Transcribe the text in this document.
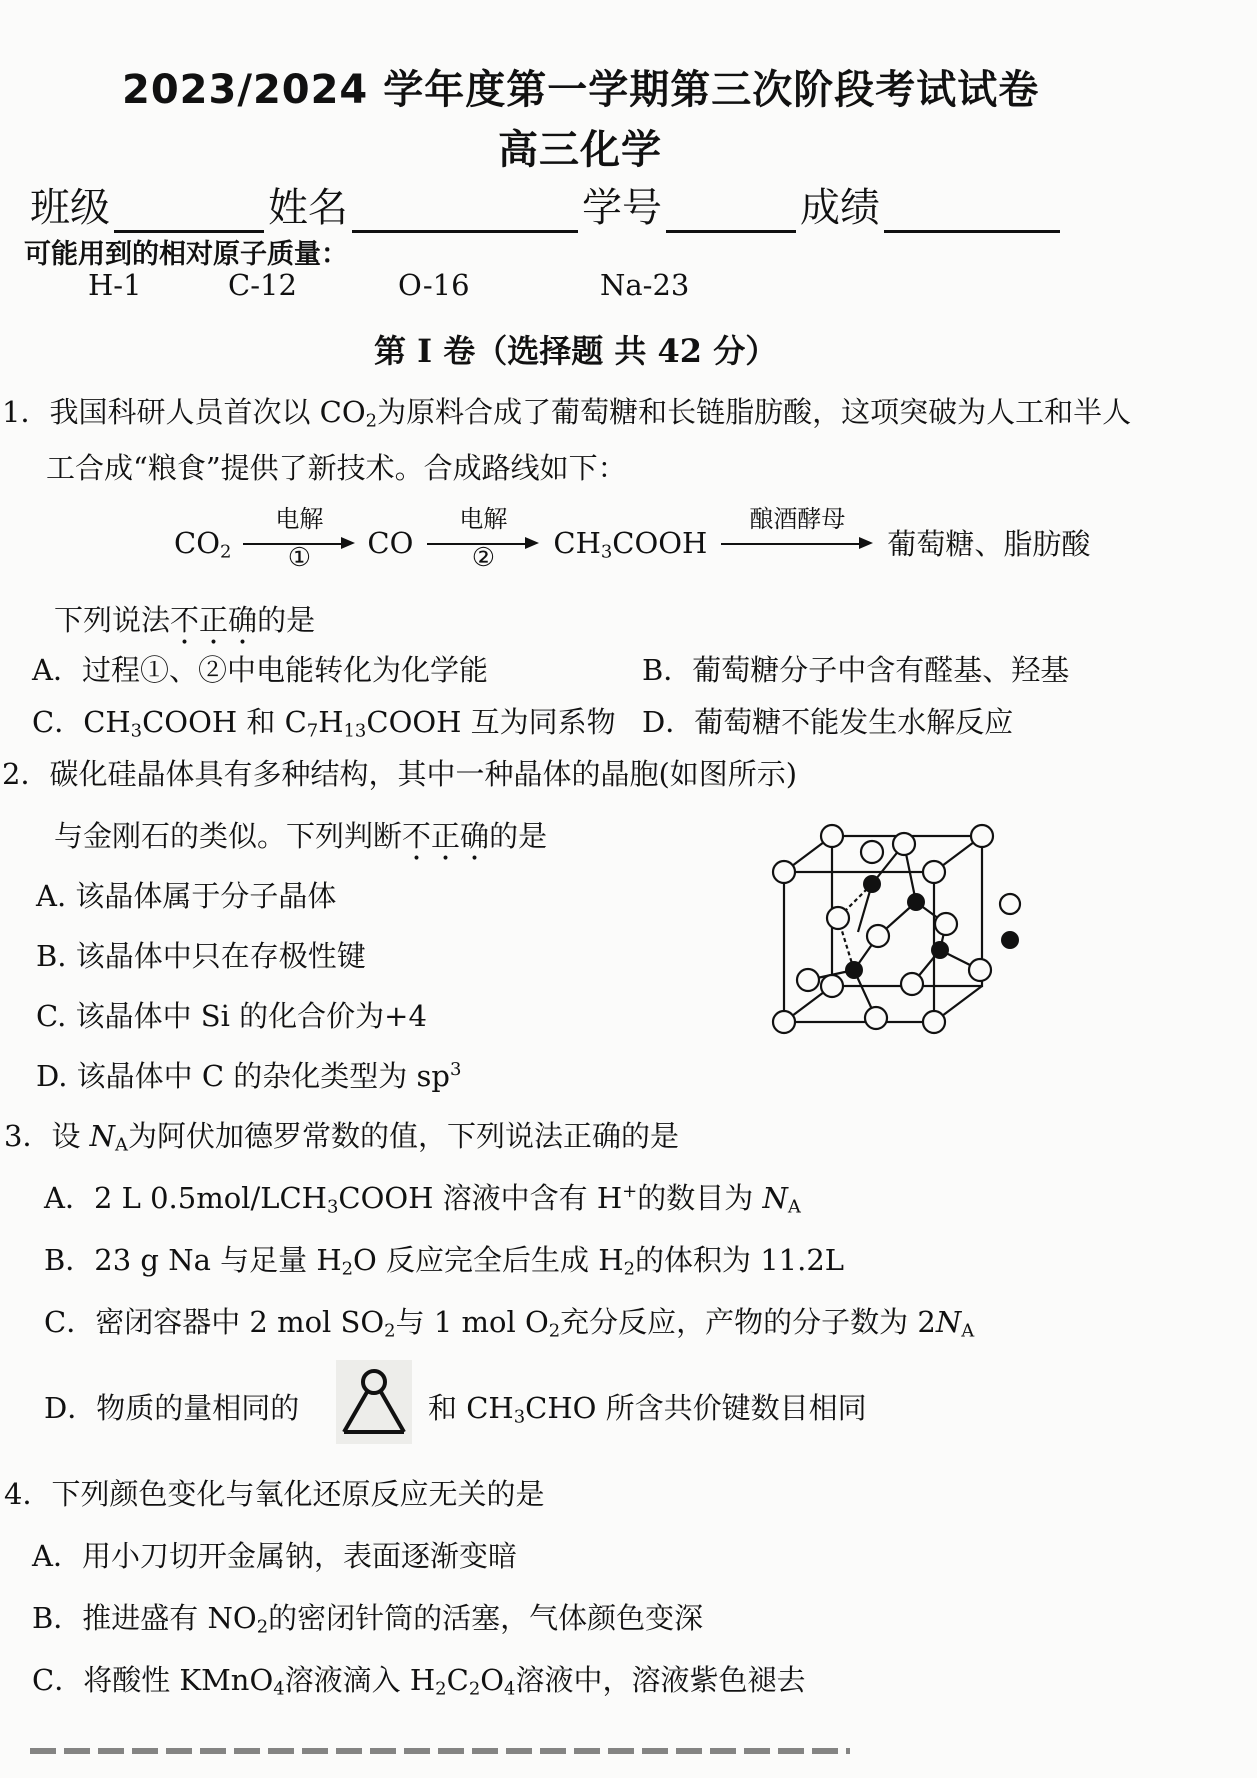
2023/2024 学年度第一学期第三次阶段考试试卷
高三化学
班级	姓名	学号	成绩
可能用到的相对原子质量：
H-1	C-12	O-16	Na-23
第 I 卷（选择题 共 42 分）
1．我国科研人员首次以 $CO_2$为原料合成了葡萄糖和长链脂肪酸，这项突破为人工和半人
工合成“粮食”提供了新技术。合成路线如下：
$CO_2$
电解
①	CO
电解
②	$CH_3COOH$
酿酒酵母
葡萄糖、脂肪酸
下列说法不正确的是
A．过程①、②中电能转化为化学能	B．葡萄糖分子中含有醛基、羟基
C．$CH_3COOH$ 和 $C_7H_{13}COOH$ 互为同系物 D．葡萄糖不能发生水解反应
2．碳化硅晶体具有多种结构，其中一种晶体的晶胞(如图所示)
与金刚石的类似。下列判断不正确的是
A. 该晶体属于分子晶体
B. 该晶体中只在存极性键
C. 该晶体中 Si 的化合价为+4
D. 该晶体中 C 的杂化类型为 $sp^3$
3．设 $N_A$为阿伏加德罗常数的值，下列说法正确的是
A．2 L $0.5mol/LCH_3COOH$ 溶液中含有 H+的数目为 $N_A$
B．23 g Na 与足量 $H_2O$ 反应完全后生成 $H_2$的体积为 11.2L
C．密闭容器中 2 mol $SO_2$与 1 mol $O_2$充分反应，产物的分子数为 $2N_A$
D．物质的量相同的	和 $CH_3CHO$ 所含共价键数目相同
4．下列颜色变化与氧化还原反应无关的是
A．用小刀切开金属钠，表面逐渐变暗
B．推进盛有 $NO_2$的密闭针筒的活塞，气体颜色变深
C．将酸性 KMnO$_4$溶液滴入 $H_2C_2O_4$溶液中，溶液紫色褪去
